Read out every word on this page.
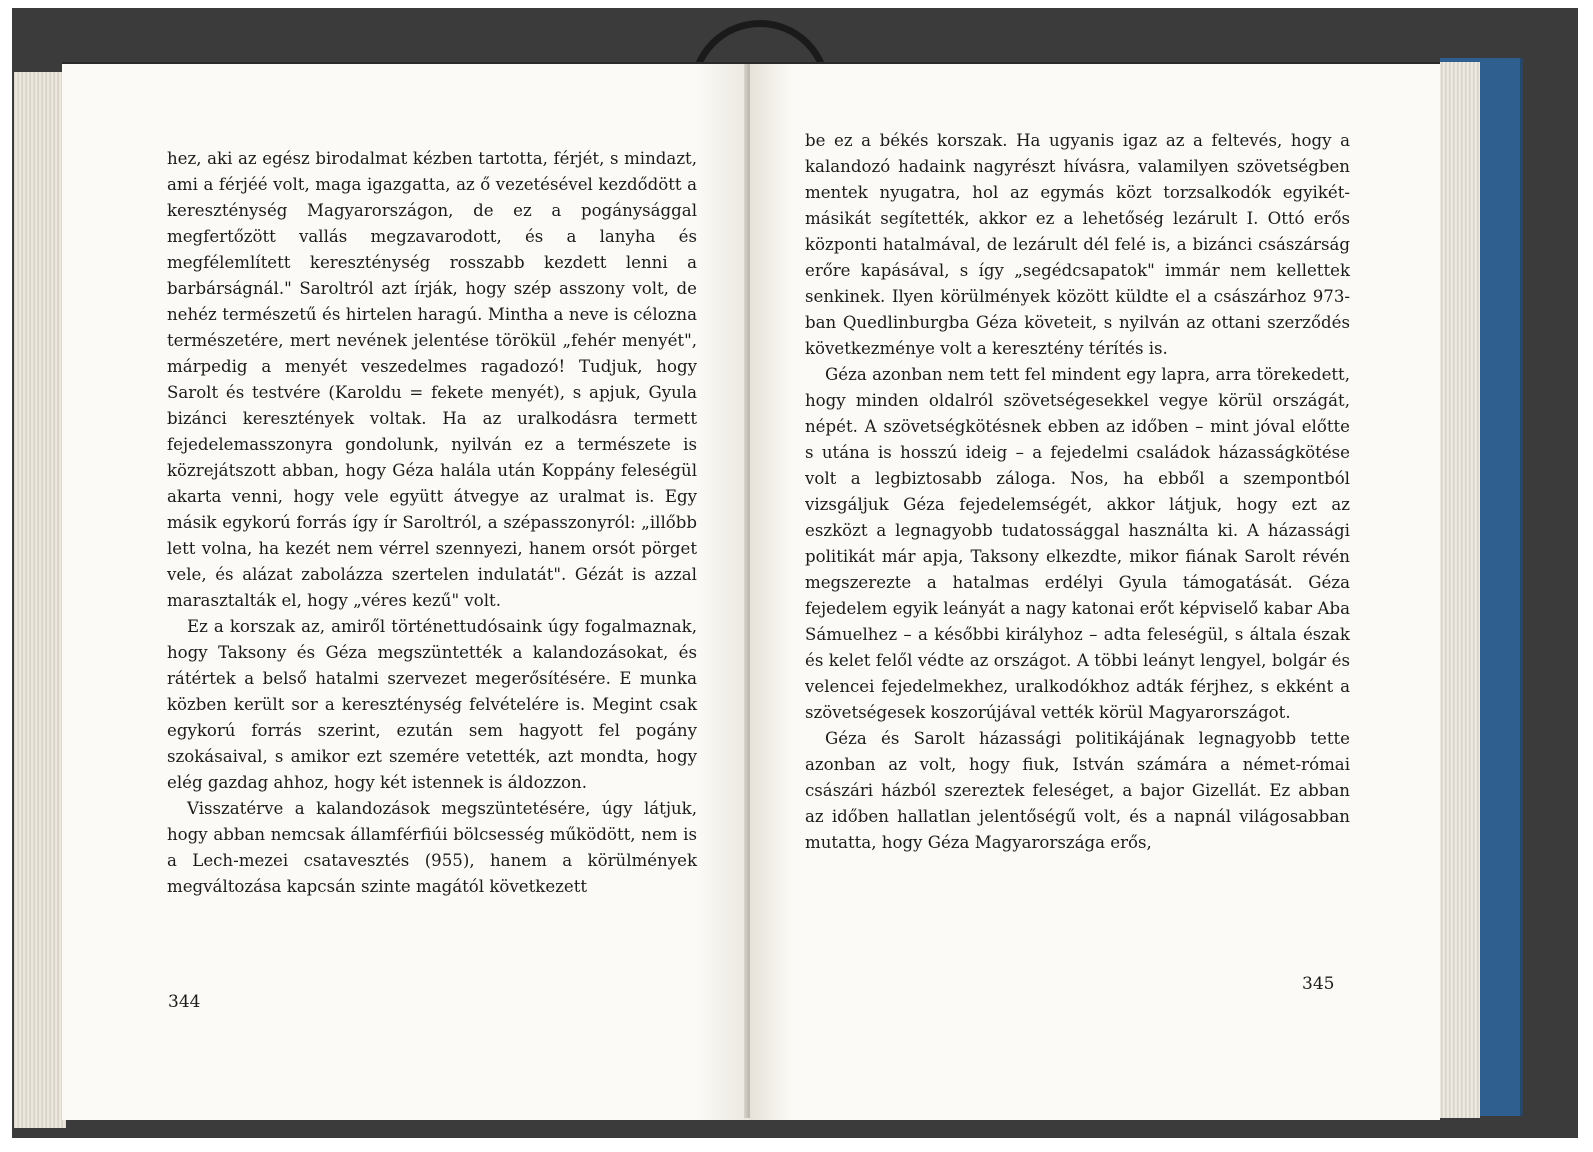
hez, aki az egész birodalmat kézben tartotta, férjét, s mindazt, ami a férjéé volt, maga igazgatta, az ő vezetésével kezdődött a kereszténység Magyarországon, de ez a pogánysággal megfertőzött vallás megzavarodott, és a lanyha és megfélemlített kereszténység rosszabb kezdett lenni a barbárságnál." Saroltról azt írják, hogy szép asszony volt, de nehéz természetű és hirtelen haragú. Mintha a neve is célozna természetére, mert nevének jelentése törökül „fehér menyét", márpedig a menyét veszedelmes ragadozó! Tudjuk, hogy Sarolt és testvére (Karoldu = fekete menyét), s apjuk, Gyula bizánci keresztények voltak. Ha az uralkodásra termett fejedelemasszonyra gondolunk, nyilván ez a természete is közrejátszott abban, hogy Géza halála után Koppány feleségül akarta venni, hogy vele együtt átvegye az uralmat is. Egy másik egykorú forrás így ír Saroltról, a szépasszonyról: „illőbb lett volna, ha kezét nem vérrel szennyezi, hanem orsót pörget vele, és alázat zabolázza szertelen indulatát". Gézát is azzal marasztalták el, hogy „véres kezű" volt.

Ez a korszak az, amiről történettudósaink úgy fogalmaznak, hogy Taksony és Géza megszüntették a kalandozásokat, és rátértek a belső hatalmi szervezet megerősítésére. E munka közben került sor a kereszténység felvételére is. Megint csak egykorú forrás szerint, ezután sem hagyott fel pogány szokásaival, s amikor ezt szemére vetették, azt mondta, hogy elég gazdag ahhoz, hogy két istennek is áldozzon.

Visszatérve a kalandozások megszüntetésére, úgy látjuk, hogy abban nemcsak államférfiúi bölcsesség működött, nem is a Lech-mezei csatavesztés (955), hanem a körülmények megváltozása kapcsán szinte magától következett

344

be ez a békés korszak. Ha ugyanis igaz az a feltevés, hogy a kalandozó hadaink nagyrészt hívásra, valamilyen szövetségben mentek nyugatra, hol az egymás közt torzsalkodók egyikét-másikát segítették, akkor ez a lehetőség lezárult I. Ottó erős központi hatalmával, de lezárult dél felé is, a bizánci császárság erőre kapásával, s így „segédcsapatok" immár nem kellettek senkinek. Ilyen körülmények között küldte el a császárhoz 973-ban Quedlinburgba Géza követeit, s nyilván az ottani szerződés következménye volt a keresztény térítés is.

Géza azonban nem tett fel mindent egy lapra, arra törekedett, hogy minden oldalról szövetségesekkel vegye körül országát, népét. A szövetségkötésnek ebben az időben – mint jóval előtte s utána is hosszú ideig – a fejedelmi családok házasságkötése volt a legbiztosabb záloga. Nos, ha ebből a szempontból vizsgáljuk Géza fejedelemségét, akkor látjuk, hogy ezt az eszközt a legnagyobb tudatossággal használta ki. A házassági politikát már apja, Taksony elkezdte, mikor fiának Sarolt révén megszerezte a hatalmas erdélyi Gyula támogatását. Géza fejedelem egyik leányát a nagy katonai erőt képviselő kabar Aba Sámuelhez – a későbbi királyhoz – adta feleségül, s általa észak és kelet felől védte az országot. A többi leányt lengyel, bolgár és velencei fejedelmekhez, uralkodókhoz adták férjhez, s ekként a szövetségesek koszorújával vették körül Magyarországot.

Géza és Sarolt házassági politikájának legnagyobb tette azonban az volt, hogy fiuk, István számára a német-római császári házból szereztek feleséget, a bajor Gizellát. Ez abban az időben hallatlan jelentőségű volt, és a napnál világosabban mutatta, hogy Géza Magyarországa erős,

345
